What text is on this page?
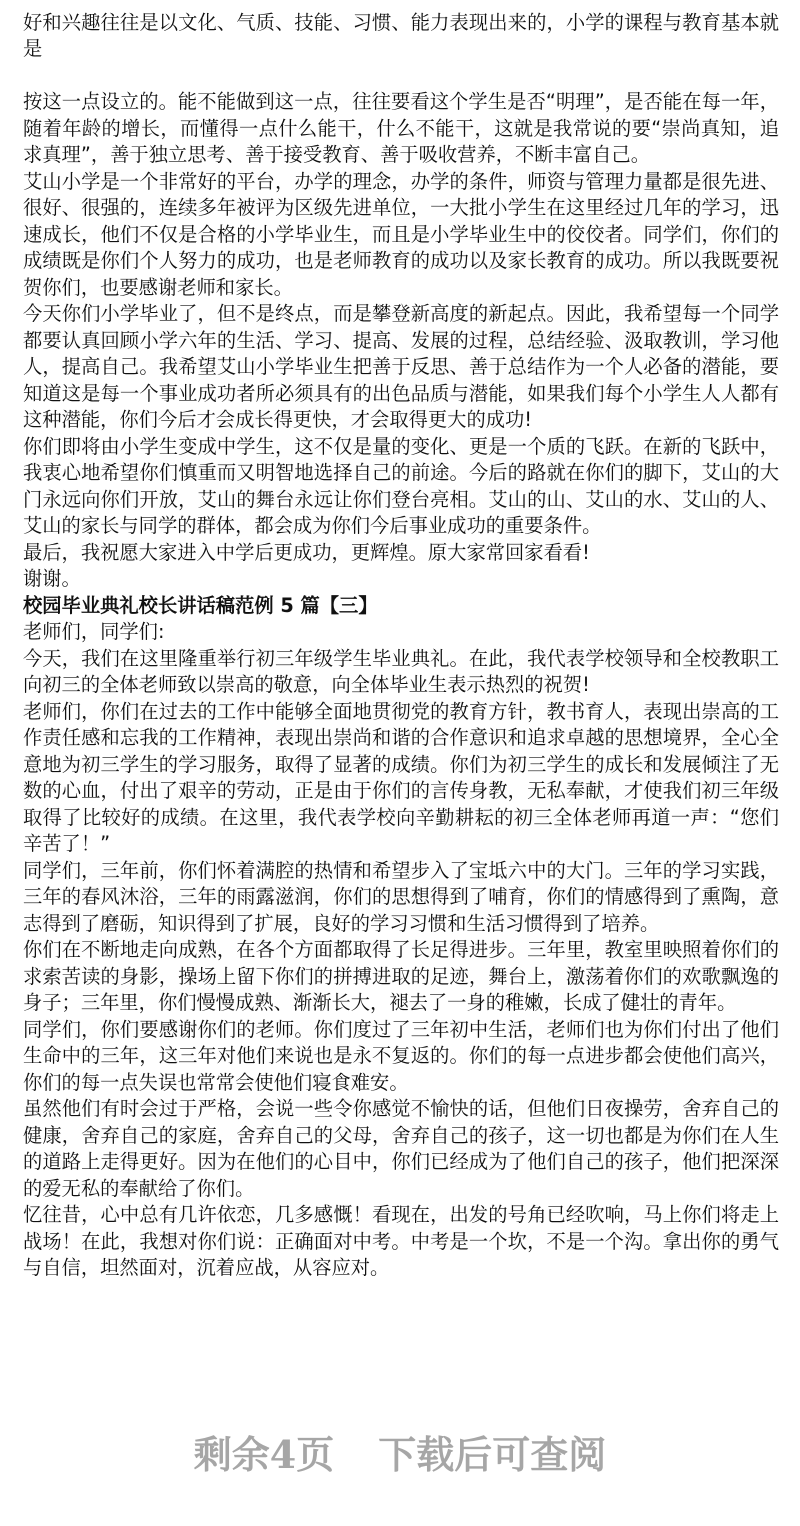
好和兴趣往往是以文化、气质、技能、习惯、能力表现出来的，小学的课程与教育基本就是

按这一点设立的。能不能做到这一点，往往要看这个学生是否“明理”，是否能在每一年，随着年龄的增长，而懂得一点什么能干，什么不能干，这就是我常说的要“崇尚真知，追求真理”，善于独立思考、善于接受教育、善于吸收营养，不断丰富自己。

艾山小学是一个非常好的平台，办学的理念，办学的条件，师资与管理力量都是很先进、很好、很强的，连续多年被评为区级先进单位，一大批小学生在这里经过几年的学习，迅速成长，他们不仅是合格的小学毕业生，而且是小学毕业生中的佼佼者。同学们，你们的成绩既是你们个人努力的成功，也是老师教育的成功以及家长教育的成功。所以我既要祝贺你们，也要感谢老师和家长。

今天你们小学毕业了，但不是终点，而是攀登新高度的新起点。因此，我希望每一个同学都要认真回顾小学六年的生活、学习、提高、发展的过程，总结经验、汲取教训，学习他人，提高自己。我希望艾山小学毕业生把善于反思、善于总结作为一个人必备的潜能，要知道这是每一个事业成功者所必须具有的出色品质与潜能，如果我们每个小学生人人都有这种潜能，你们今后才会成长得更快，才会取得更大的成功!

你们即将由小学生变成中学生，这不仅是量的变化、更是一个质的飞跃。在新的飞跃中，我衷心地希望你们慎重而又明智地选择自己的前途。今后的路就在你们的脚下，艾山的大门永远向你们开放，艾山的舞台永远让你们登台亮相。艾山的山、艾山的水、艾山的人、艾山的家长与同学的群体，都会成为你们今后事业成功的重要条件。

最后，我祝愿大家进入中学后更成功，更辉煌。原大家常回家看看!

谢谢。

校园毕业典礼校长讲话稿范例 5 篇【三】

老师们，同学们:

今天，我们在这里隆重举行初三年级学生毕业典礼。在此，我代表学校领导和全校教职工向初三的全体老师致以崇高的敬意，向全体毕业生表示热烈的祝贺!

老师们，你们在过去的工作中能够全面地贯彻党的教育方针，教书育人，表现出崇高的工作责任感和忘我的工作精神，表现出崇尚和谐的合作意识和追求卓越的思想境界，全心全意地为初三学生的学习服务，取得了显著的成绩。你们为初三学生的成长和发展倾注了无数的心血，付出了艰辛的劳动，正是由于你们的言传身教，无私奉献，才使我们初三年级取得了比较好的成绩。在这里，我代表学校向辛勤耕耘的初三全体老师再道一声：“您们辛苦了！”

同学们，三年前，你们怀着满腔的热情和希望步入了宝坻六中的大门。三年的学习实践，三年的春风沐浴，三年的雨露滋润，你们的思想得到了哺育，你们的情感得到了熏陶，意志得到了磨砺，知识得到了扩展，良好的学习习惯和生活习惯得到了培养。

你们在不断地走向成熟，在各个方面都取得了长足得进步。三年里，教室里映照着你们的求索苦读的身影，操场上留下你们的拼搏进取的足迹，舞台上，激荡着你们的欢歌飘逸的身子；三年里，你们慢慢成熟、渐渐长大，褪去了一身的稚嫩，长成了健壮的青年。

同学们，你们要感谢你们的老师。你们度过了三年初中生活，老师们也为你们付出了他们生命中的三年，这三年对他们来说也是永不复返的。你们的每一点进步都会使他们高兴，你们的每一点失误也常常会使他们寝食难安。

虽然他们有时会过于严格，会说一些令你感觉不愉快的话，但他们日夜操劳，舍弃自己的健康，舍弃自己的家庭，舍弃自己的父母，舍弃自己的孩子，这一切也都是为你们在人生的道路上走得更好。因为在他们的心目中，你们已经成为了他们自己的孩子，他们把深深的爱无私的奉献给了你们。

忆往昔，心中总有几许依恋，几多感慨！看现在，出发的号角已经吹响，马上你们将走上战场！在此，我想对你们说：正确面对中考。中考是一个坎，不是一个沟。拿出你的勇气与自信，坦然面对，沉着应战，从容应对。

剩余4页 下载后可查阅
